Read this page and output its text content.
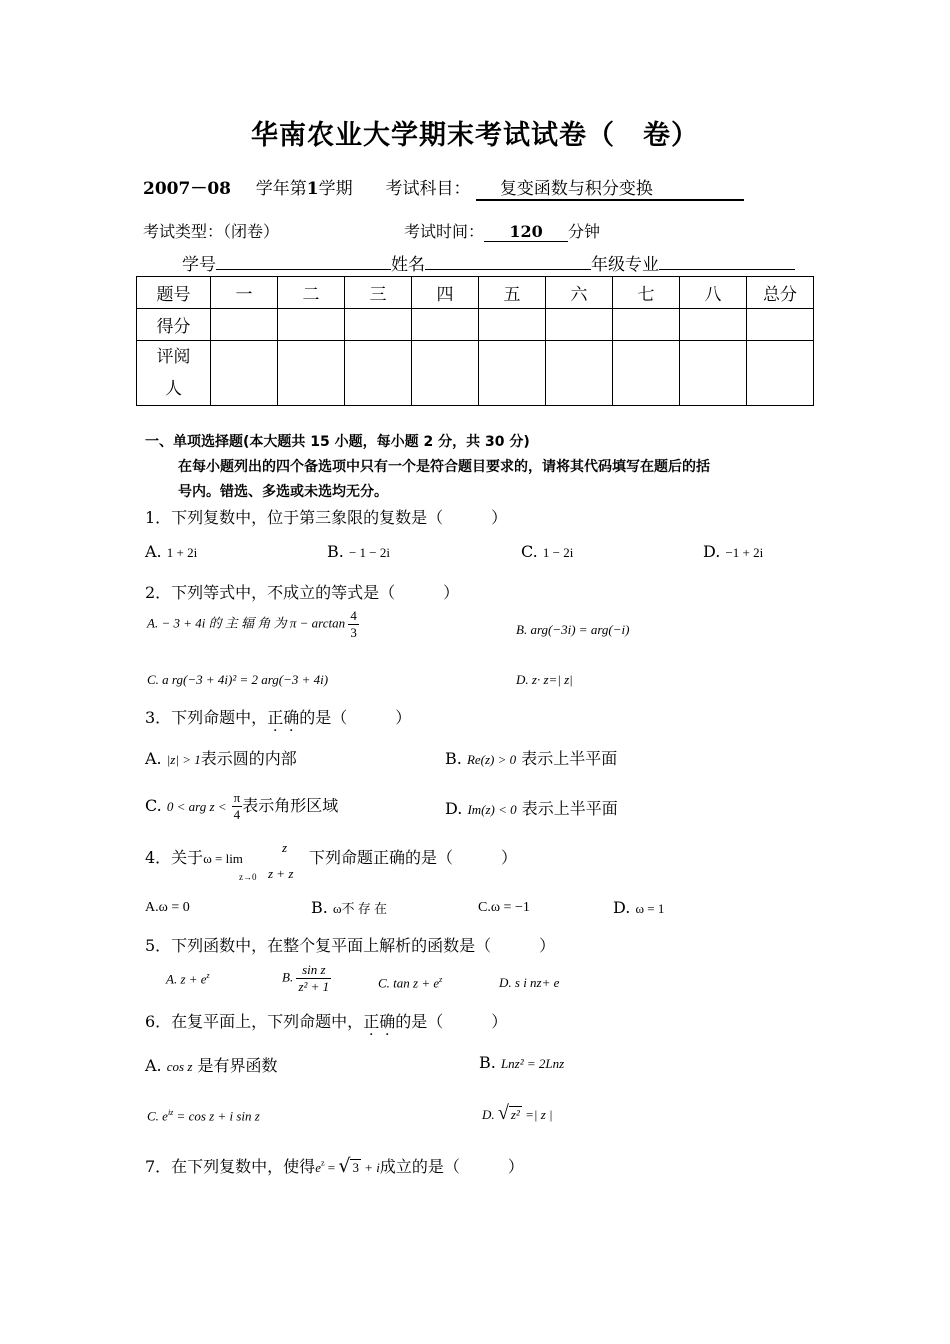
华南农业大学期末考试试卷（　卷）
2007－08 学年第1学期 考试科目： 复变函数与积分变换
考试类型：（闭卷）	考试时间： 120 分钟
学号	姓名	年级专业
题号	一	二	三	四	五	六	七	八	总分
得分									
评阅
人									
一、单项选择题(本大题共 15 小题，每小题 2 分，共 30 分)
在每小题列出的四个备选项中只有一个是符合题目要求的，请将其代码填写在题后的括
号内。错选、多选或未选均无分。
1．下列复数中，位于第三象限的复数是（　　　）
A. 1 + 2i	B. − 1 − 2i	C. 1 − 2i	D. −1 + 2i
2．下列等式中，不成立的等式是（　　　）
A. − 3 + 4i 的 主 辐 角 为 $\pi - \arctan \frac{4}{3}$	B. arg(−3i) = arg(−i)
C. a rg(−3 + 4i)² = 2 arg(−3 + 4i)	D. z· z=| z|
3．下列命题中，正确的是（　　　）
A. |z| > 1表示圆的内部	B. Re(z) > 0 表示上半平面
C. 0 < arg $z < \frac{\pi}{4}$ 表示角形区域	D. Im(z) < 0 表示上半平面
4．关于ω = lim
z→0
z
z + z
下列命题正确的是（　　　）
A.ω = 0	B. ω不 存 在	C.ω = −1	D. ω = 1
5．下列函数中，在整个复平面上解析的函数是（　　　）
A. $z + e^z$	B. $\frac{\text{sin z}}{\text{z² + 1}}$	C. $\tan z + e^z$	D. s i nz+ e
6．在复平面上，下列命题中，正确的是（　　　）
A. cos z 是有界函数	B. Lnz² = 2Lnz
C. $e^{iz} = \cos z + i$ sin z	D. √ z² =| z |
7．在下列复数中，使得$e^z$ = √ 3 + i成立的是（　　　）
